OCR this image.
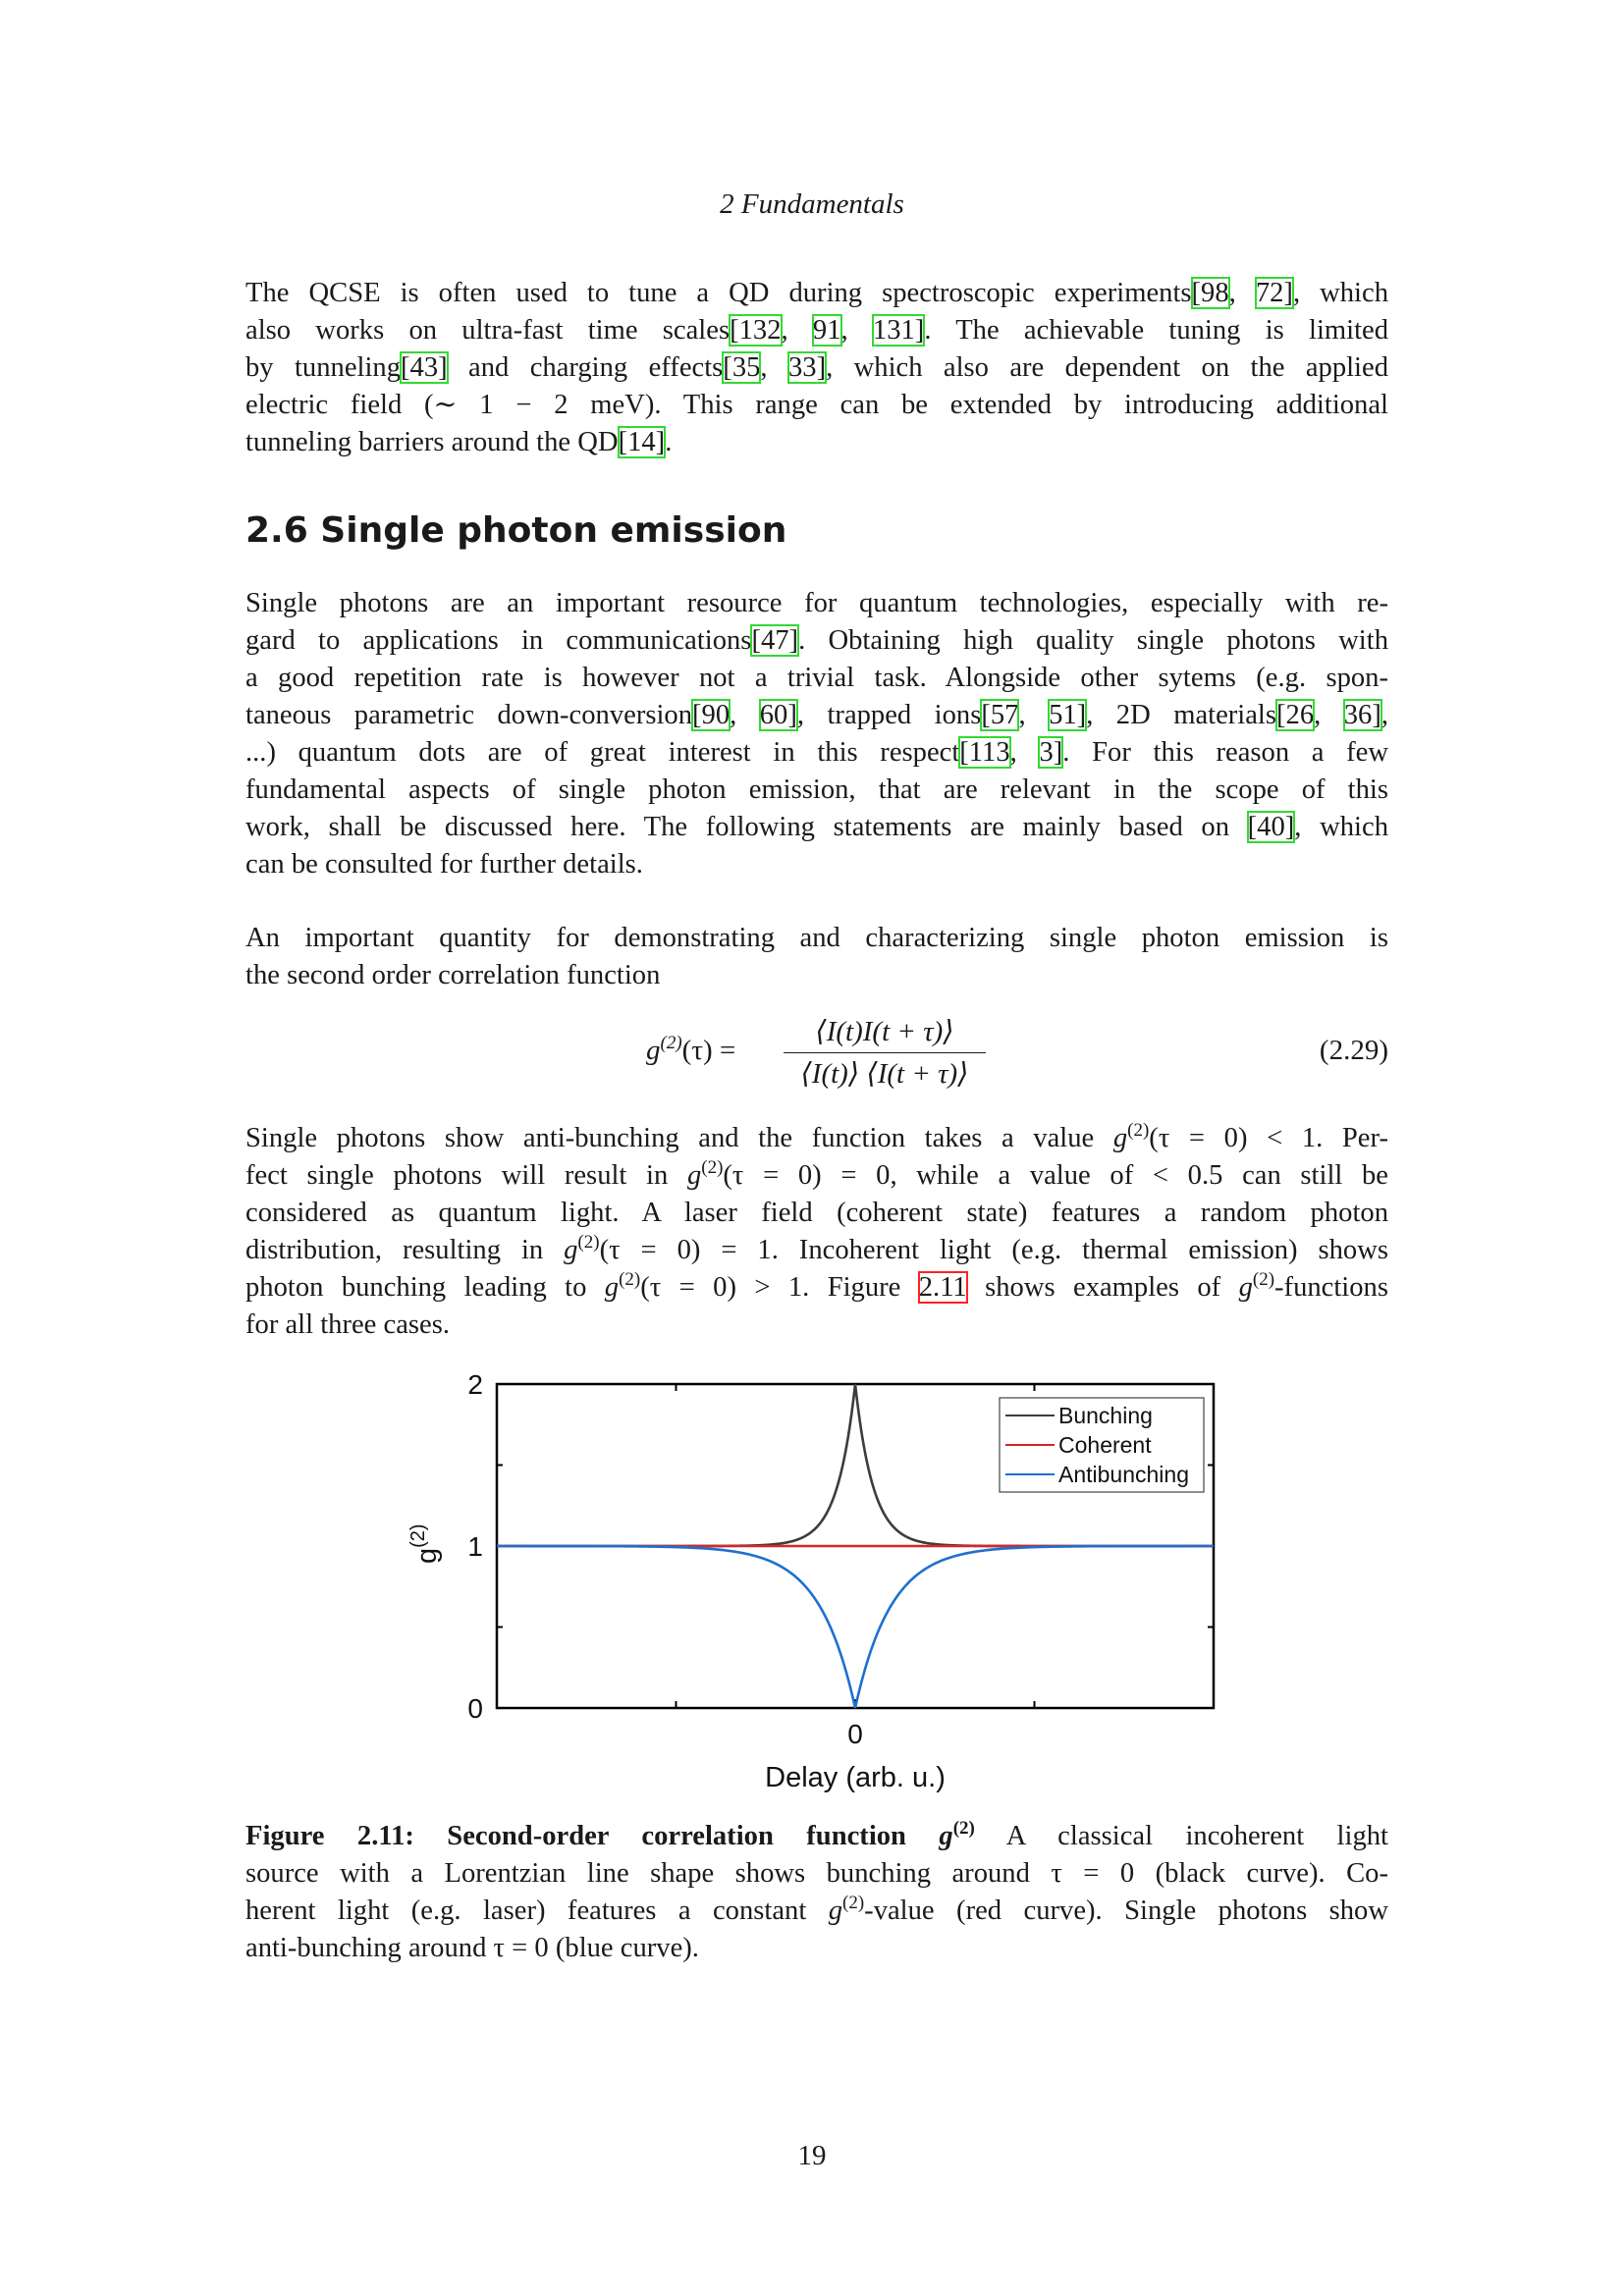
2 Fundamentals
The QCSE is often used to tune a QD during spectroscopic experiments[98, 72], which
also works on ultra-fast time scales[132, 91, 131]. The achievable tuning is limited
by tunneling[43] and charging effects[35, 33], which also are dependent on the applied
electric field (∼ 1 − 2 meV). This range can be extended by introducing additional
tunneling barriers around the QD[14].
2.6 Single photon emission
Single photons are an important resource for quantum technologies, especially with re-
gard to applications in communications[47]. Obtaining high quality single photons with
a good repetition rate is however not a trivial task. Alongside other sytems (e.g. spon-
taneous parametric down-conversion[90, 60], trapped ions[57, 51], 2D materials[26, 36],
...) quantum dots are of great interest in this respect[113, 3]. For this reason a few
fundamental aspects of single photon emission, that are relevant in the scope of this
work, shall be discussed here. The following statements are mainly based on [40], which
can be consulted for further details.
An important quantity for demonstrating and characterizing single photon emission is
the second order correlation function
$g^{(2)}(\tau)$ =
⟨I(t)I(t + τ)⟩
⟨I(t)⟩ ⟨I(t + τ)⟩
(2.29)
Single photons show anti-bunching and the function takes a value $g^{(2)}(\tau = 0) < 1$. Per-
fect single photons will result in $g^{(2)}(\tau = 0) = 0$, while a value of < 0.5 can still be
considered as quantum light. A laser field (coherent state) features a random photon
distribution, resulting in $g^{(2)}(\tau = 0) = 1$. Incoherent light (e.g. thermal emission) shows
photon bunching leading to $g^{(2)}(\tau = 0) > 1$. Figure 2.11 shows examples of $g^{(2)}$-functions
for all three cases.
Bunching
Coherent
Antibunching
0
1
2
0
Delay (arb. u.)
$g^{(2)}$
Figure 2.11: Second-order correlation function $g^{(2)}$ A classical incoherent light
source with a Lorentzian line shape shows bunching around τ = 0 (black curve). Co-
herent light (e.g. laser) features a constant $g^{(2)}$-value (red curve). Single photons show
anti-bunching around τ = 0 (blue curve).
19
